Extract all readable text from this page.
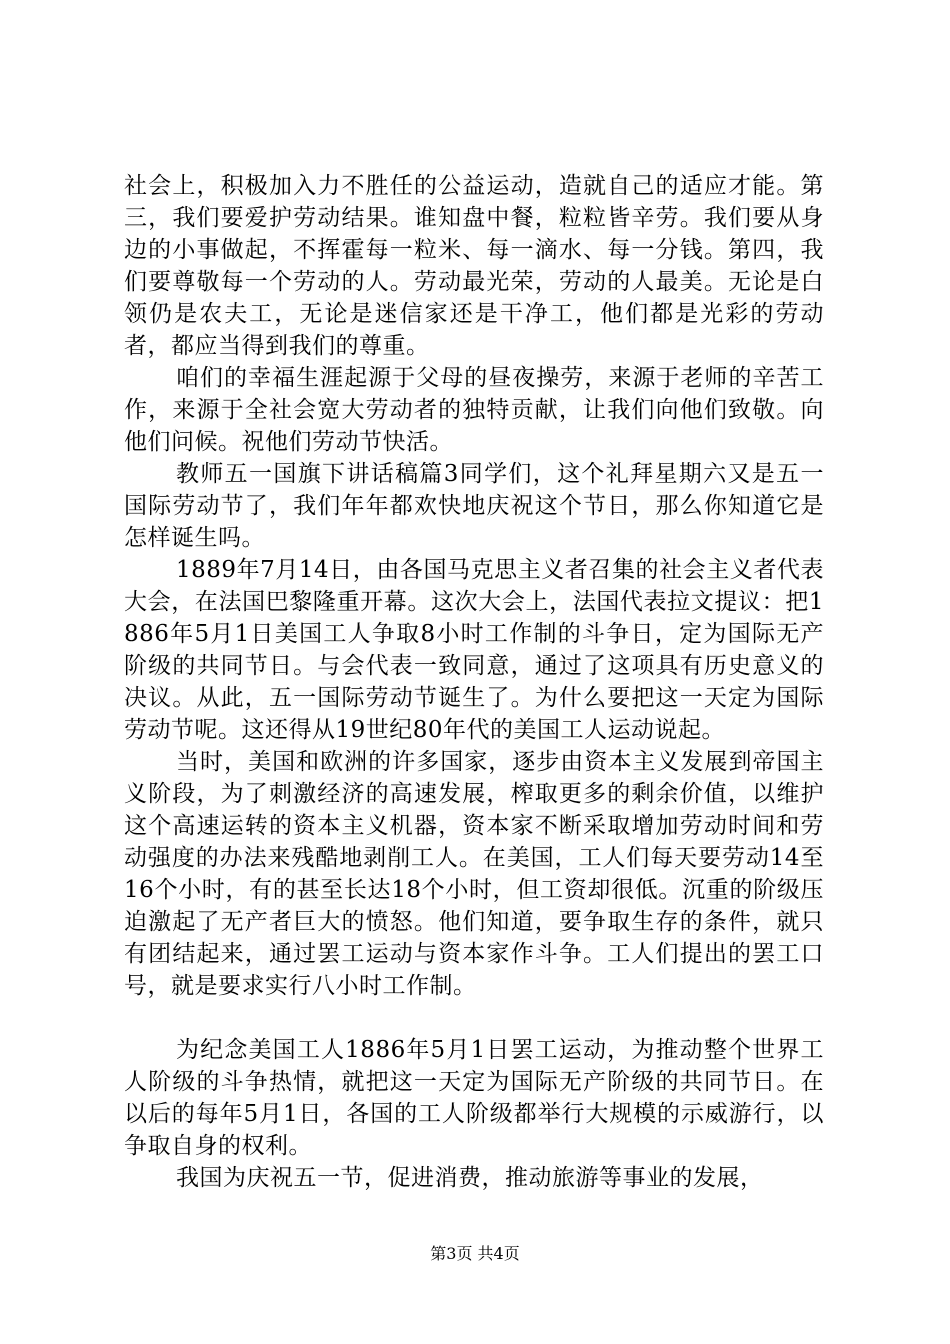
社会上，积极加入力不胜任的公益运动，造就自己的适应才能。第三，我们要爱护劳动结果。谁知盘中餐，粒粒皆辛劳。我们要从身边的小事做起，不挥霍每一粒米、每一滴水、每一分钱。第四，我们要尊敬每一个劳动的人。劳动最光荣，劳动的人最美。无论是白领仍是农夫工，无论是迷信家还是干净工，他们都是光彩的劳动者，都应当得到我们的尊重。

咱们的幸福生涯起源于父母的昼夜操劳，来源于老师的辛苦工作，来源于全社会宽大劳动者的独特贡献，让我们向他们致敬。向他们问候。祝他们劳动节快活。

教师五一国旗下讲话稿篇3同学们，这个礼拜星期六又是五一国际劳动节了，我们年年都欢快地庆祝这个节日，那么你知道它是怎样诞生吗。

1889年7月14日，由各国马克思主义者召集的社会主义者代表大会，在法国巴黎隆重开幕。这次大会上，法国代表拉文提议：把1886年5月1日美国工人争取8小时工作制的斗争日，定为国际无产阶级的共同节日。与会代表一致同意，通过了这项具有历史意义的决议。从此，五一国际劳动节诞生了。为什么要把这一天定为国际劳动节呢。这还得从19世纪80年代的美国工人运动说起。

当时，美国和欧洲的许多国家，逐步由资本主义发展到帝国主义阶段，为了刺激经济的高速发展，榨取更多的剩余价值，以维护这个高速运转的资本主义机器，资本家不断采取增加劳动时间和劳动强度的办法来残酷地剥削工人。在美国，工人们每天要劳动14至16个小时，有的甚至长达18个小时，但工资却很低。沉重的阶级压迫激起了无产者巨大的愤怒。他们知道，要争取生存的条件，就只有团结起来，通过罢工运动与资本家作斗争。工人们提出的罢工口号，就是要求实行八小时工作制。

为纪念美国工人1886年5月1日罢工运动，为推动整个世界工人阶级的斗争热情，就把这一天定为国际无产阶级的共同节日。在以后的每年5月1日，各国的工人阶级都举行大规模的示威游行，以争取自身的权利。

我国为庆祝五一节，促进消费，推动旅游等事业的发展，

第3页 共4页
